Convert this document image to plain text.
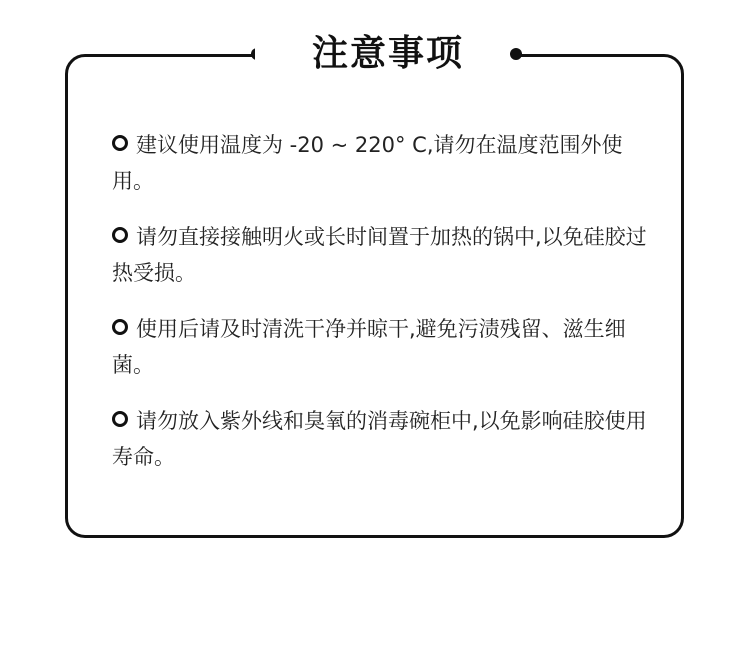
注意事项
建议使用温度为 -20 ~ 220° C,请勿在温度范围外使用。
请勿直接接触明火或长时间置于加热的锅中,以免硅胶过热受损。
使用后请及时清洗干净并晾干,避免污渍残留、滋生细菌。
请勿放入紫外线和臭氧的消毒碗柜中,以免影响硅胶使用寿命。
